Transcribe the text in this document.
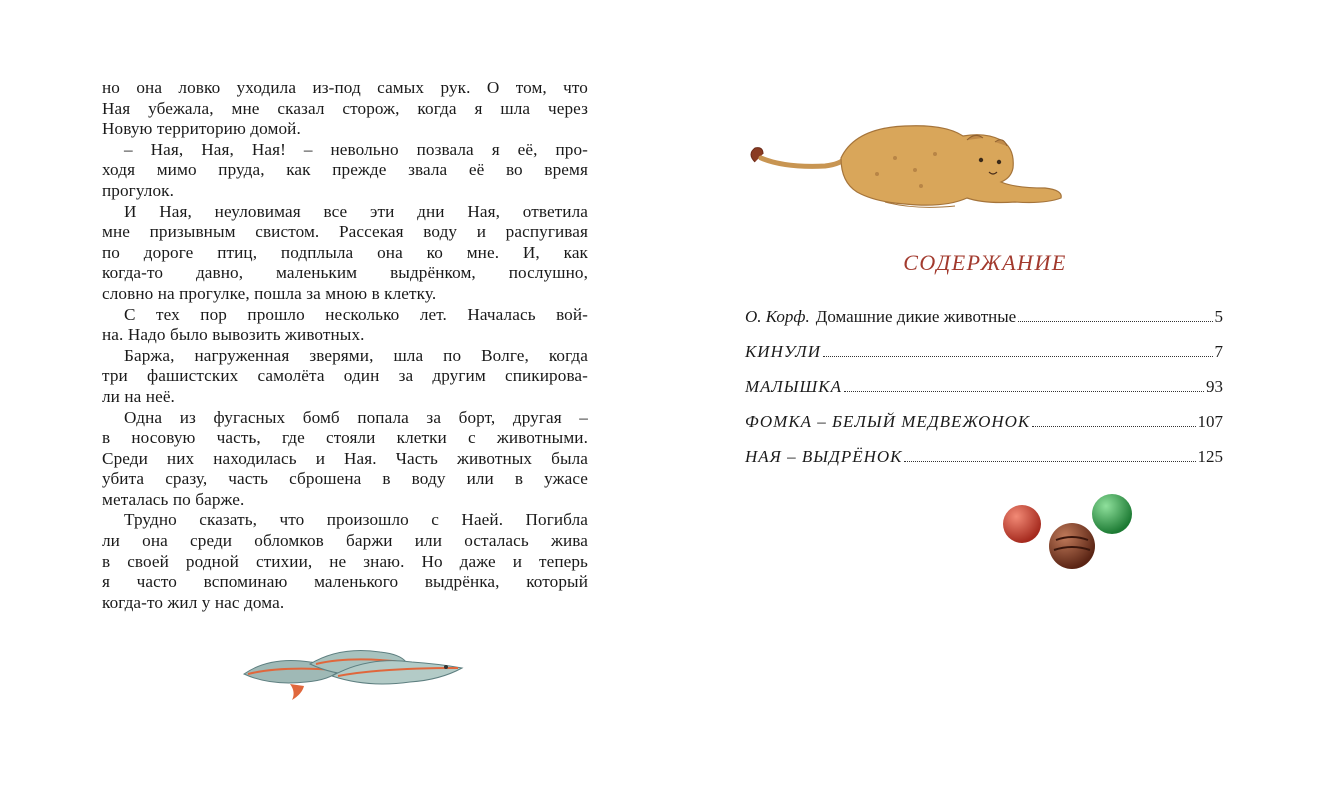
но она ловко уходила из-под самых рук. О том, что

Ная убежала, мне сказал сторож, когда я шла через

Новую территорию домой.

– Ная, Ная, Ная! – невольно позвала я её, про-

ходя мимо пруда, как прежде звала её во время

прогулок.

И Ная, неуловимая все эти дни Ная, ответила

мне призывным свистом. Рассекая воду и распугивая

по дороге птиц, подплыла она ко мне. И, как

когда-то давно, маленьким выдрёнком, послушно,

словно на прогулке, пошла за мною в клетку.

С тех пор прошло несколько лет. Началась вой-

на. Надо было вывозить животных.

Баржа, нагруженная зверями, шла по Волге, когда

три фашистских самолёта один за другим спикирова-

ли на неё.

Одна из фугасных бомб попала за борт, другая –

в носовую часть, где стояли клетки с животными.

Среди них находилась и Ная. Часть животных была

убита сразу, часть сброшена в воду или в ужасе

металась по барже.

Трудно сказать, что произошло с Наей. Погибла

ли она среди обломков баржи или осталась жива

в своей родной стихии, не знаю. Но даже и теперь

я часто вспоминаю маленького выдрёнка, который

когда-то жил у нас дома.

СОДЕРЖАНИЕ
О. Корф. Домашние дикие животные	5
КИНУЛИ	7
МАЛЫШКА	93
ФОМКА – БЕЛЫЙ МЕДВЕЖОНОК	107
НАЯ – ВЫДРЁНОК	125
